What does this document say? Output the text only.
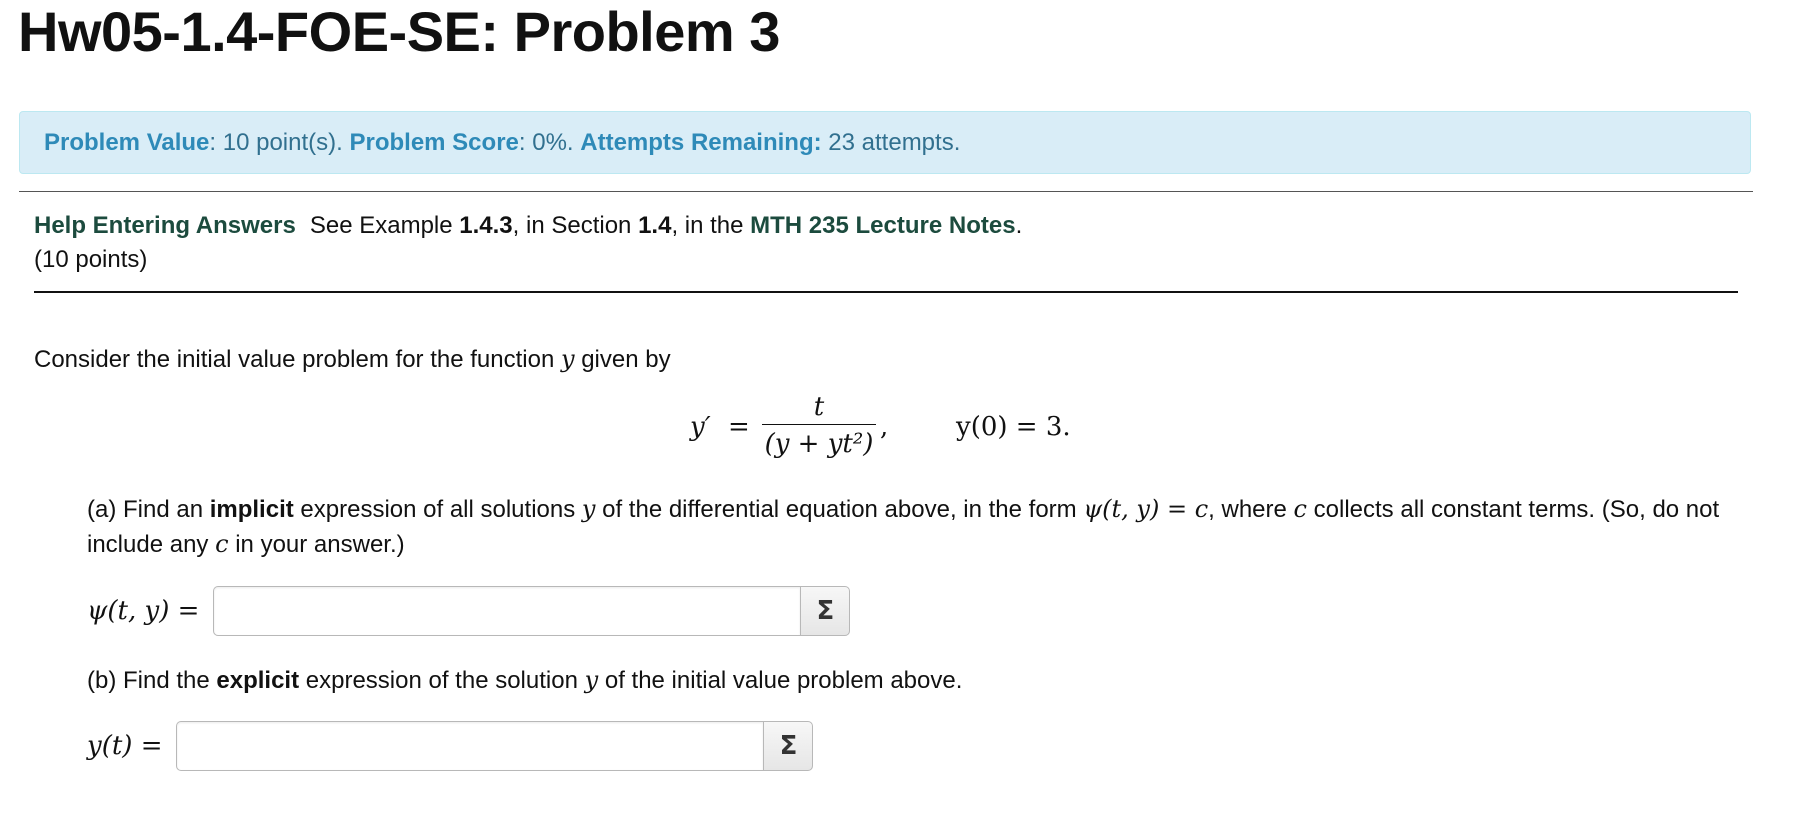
Hw05-1.4-FOE-SE: Problem 3
Problem Value : 10 point(s).
Problem Score : 0%.
Attempts Remaining:
23 attempts.
Help Entering Answers See Example 1.4.3, in Section 1.4, in the MTH 235 Lecture Notes.
(10 points)
Consider the initial value problem for the function y given by
y′ =
t
(y + yt²)
,	y(0) = 3.
(a) Find an implicit expression of all solutions y of the differential equation above, in the form ψ(t, y) = c, where c collects all constant terms. (So, do not include any c in your answer.)
ψ(t, y) =	Σ
(b) Find the explicit expression of the solution y of the initial value problem above.
y(t) =	Σ
